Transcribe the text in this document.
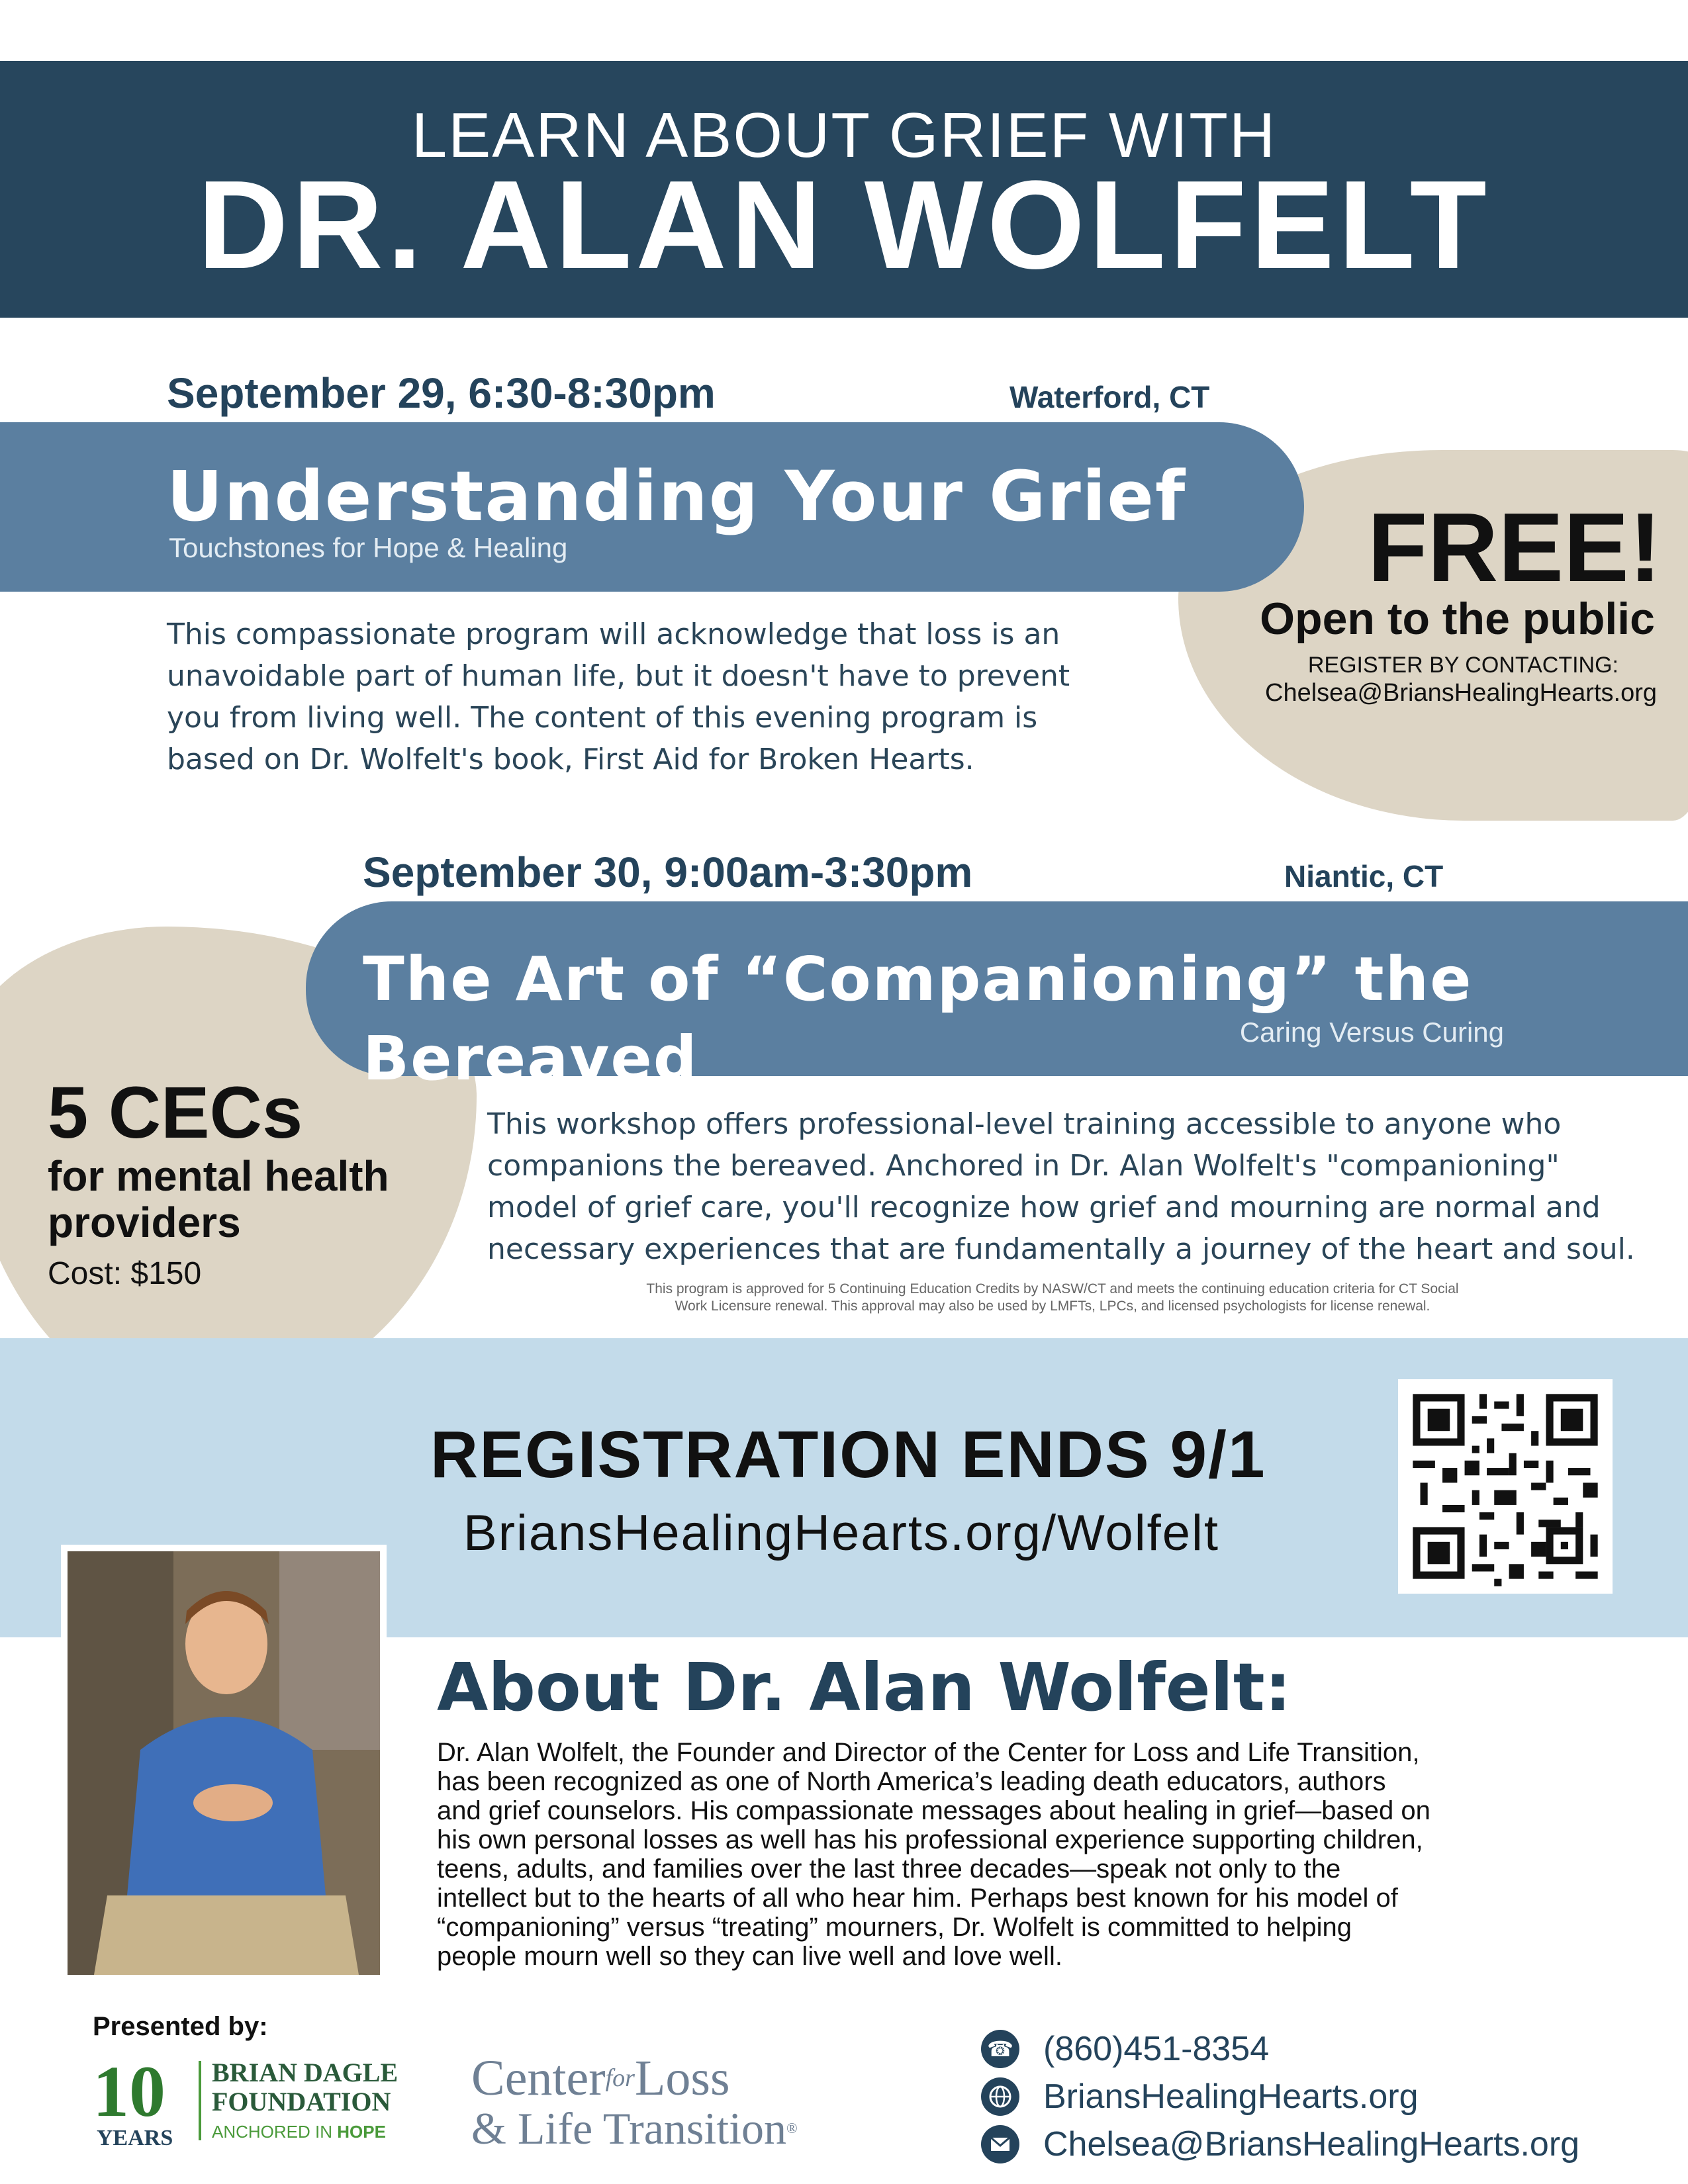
LEARN ABOUT GRIEF WITH
DR. ALAN WOLFELT
September 29, 6:30-8:30pm	Waterford, CT
Understanding Your Grief
Touchstones for Hope & Healing
This compassionate program will acknowledge that loss is an
unavoidable part of human life, but it doesn't have to prevent
you from living well. The content of this evening program is
based on Dr. Wolfelt's book, First Aid for Broken Hearts.
FREE!
Open to the public
REGISTER BY CONTACTING:
Chelsea@BriansHealingHearts.org
September 30, 9:00am-3:30pm	Niantic, CT
The Art of “Companioning” the Bereaved	Caring Versus Curing
This workshop offers professional-level training accessible to anyone who
companions the bereaved. Anchored in Dr. Alan Wolfelt's "companioning"
model of grief care, you'll recognize how grief and mourning are normal and
necessary experiences that are fundamentally a journey of the heart and soul.
This program is approved for 5 Continuing Education Credits by NASW/CT and meets the continuing education criteria for CT Social
Work Licensure renewal. This approval may also be used by LMFTs, LPCs, and licensed psychologists for license renewal.
5 CECs
for mental health
providers
Cost: $150
REGISTRATION ENDS 9/1
BriansHealingHearts.org/Wolfelt
About Dr. Alan Wolfelt:
Dr. Alan Wolfelt, the Founder and Director of the Center for Loss and Life Transition,
has been recognized as one of North America’s leading death educators, authors
and grief counselors. His compassionate messages about healing in grief—based on
his own personal losses as well has his professional experience supporting children,
teens, adults, and families over the last three decades—speak not only to the
intellect but to the hearts of all who hear him. Perhaps best known for his model of
“companioning” versus “treating” mourners, Dr. Wolfelt is committed to helping
people mourn well so they can live well and love well.
Presented by:
10
YEARS
BRIAN DAGLE
FOUNDATION
ANCHORED IN HOPE
Center$^{for}$Loss
& Life Transition®
☎ (860)451-8354
BriansHealingHearts.org
Chelsea@BriansHealingHearts.org
